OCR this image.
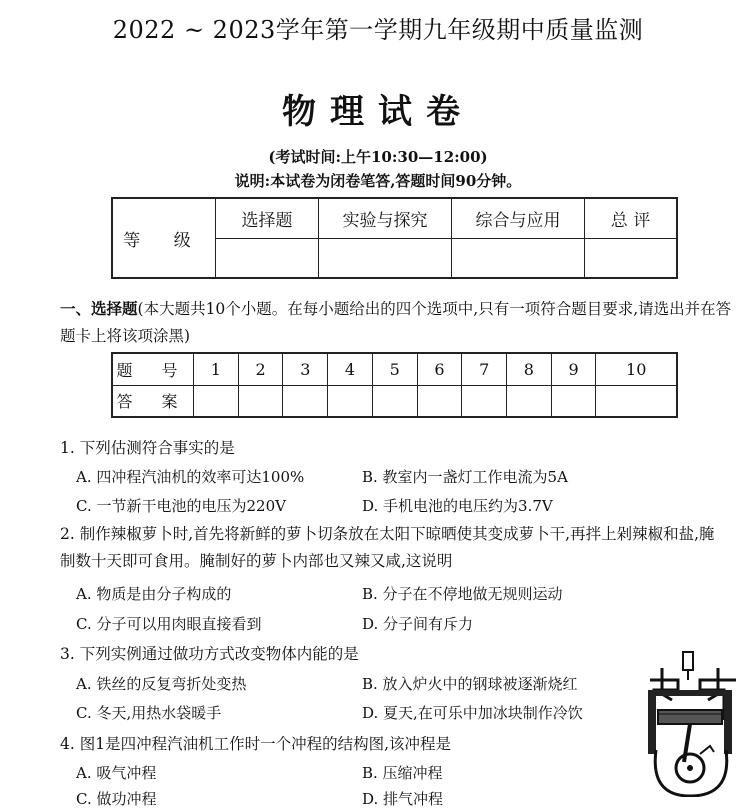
2022 ~ 2023学年第一学期九年级期中质量监测
物理试卷
(考试时间:上午10:30—12:00)
说明:本试卷为闭卷笔答,答题时间90分钟。
等 级	选择题	实验与探究	综合与应用	总 评

一、选择题(本大题共10个小题。在每小题给出的四个选项中,只有一项符合题目要求,请选出并在答题卡上将该项涂黑)
题 号	1	2	3	4	5	6	7	8	9	10
答 案										
1. 下列估测符合事实的是
A. 四冲程汽油机的效率可达100%	B. 教室内一盏灯工作电流为5A
C. 一节新干电池的电压为220V	D. 手机电池的电压约为3.7V
2. 制作辣椒萝卜时,首先将新鲜的萝卜切条放在太阳下晾晒使其变成萝卜干,再拌上剁辣椒和盐,腌制数十天即可食用。腌制好的萝卜内部也又辣又咸,这说明
A. 物质是由分子构成的	B. 分子在不停地做无规则运动
C. 分子可以用肉眼直接看到	D. 分子间有斥力
3. 下列实例通过做功方式改变物体内能的是
A. 铁丝的反复弯折处变热	B. 放入炉火中的钢球被逐渐烧红
C. 冬天,用热水袋暖手	D. 夏天,在可乐中加冰块制作冷饮
4. 图1是四冲程汽油机工作时一个冲程的结构图,该冲程是
A. 吸气冲程	B. 压缩冲程
C. 做功冲程	D. 排气冲程
